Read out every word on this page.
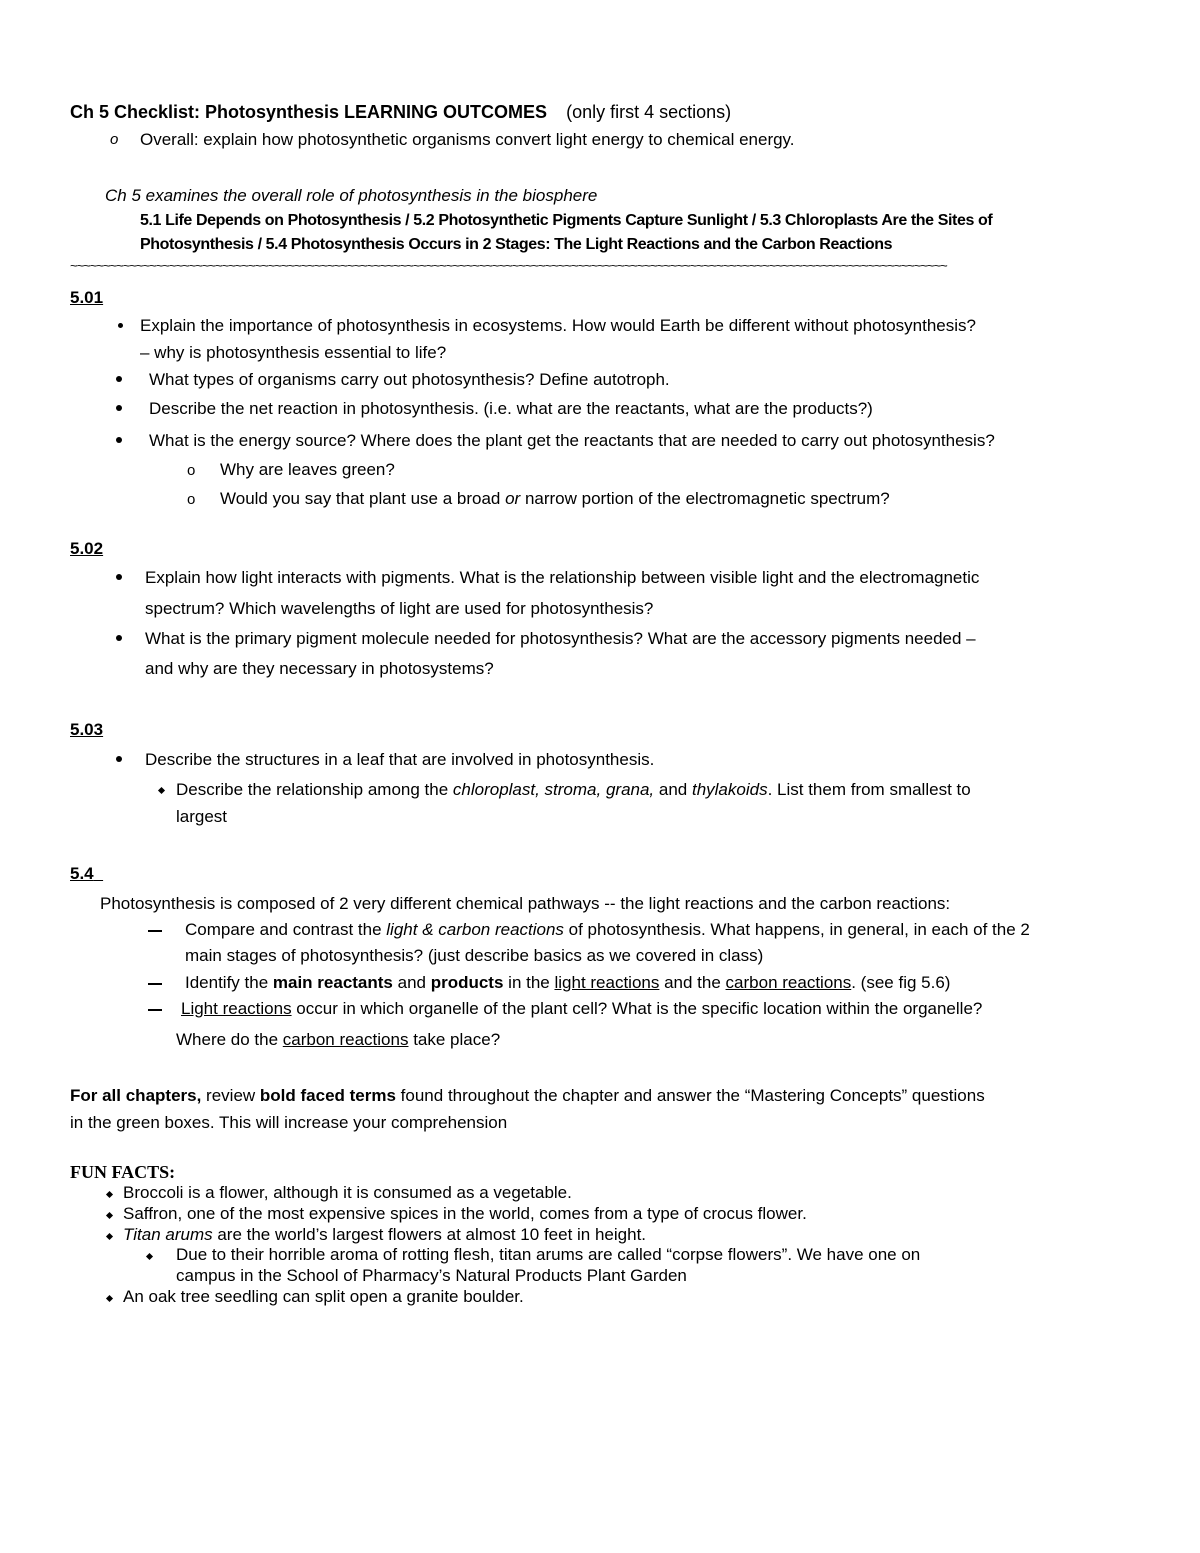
Ch 5 Checklist: Photosynthesis LEARNING OUTCOMES (only first 4 sections)
o Overall: explain how photosynthetic organisms convert light energy to chemical energy.
Ch 5 examines the overall role of photosynthesis in the biosphere
5.1 Life Depends on Photosynthesis / 5.2 Photosynthetic Pigments Capture Sunlight / 5.3 Chloroplasts Are the Sites of
Photosynthesis / 5.4 Photosynthesis Occurs in 2 Stages: The Light Reactions and the Carbon Reactions
~~~~~~~~~~~~~~~~~~~~~~~~~~~~~~~~~~~~~~~~~~~~~~~~~~~~~~~~~~~~~~~~~~~~~~~~~~~~~~~~~~~~~~~~~~~~~~~~~~~~~~~~~~~~~~~~~~~~~~~~~~~~~~~~~~~~~
5.01
Explain the importance of photosynthesis in ecosystems. How would Earth be different without photosynthesis?
– why is photosynthesis essential to life?
What types of organisms carry out photosynthesis? Define autotroph.
Describe the net reaction in photosynthesis. (i.e. what are the reactants, what are the products?)
What is the energy source? Where does the plant get the reactants that are needed to carry out photosynthesis?
o Why are leaves green?
o Would you say that plant use a broad or narrow portion of the electromagnetic spectrum?
5.02
Explain how light interacts with pigments. What is the relationship between visible light and the electromagnetic
spectrum? Which wavelengths of light are used for photosynthesis?
What is the primary pigment molecule needed for photosynthesis? What are the accessory pigments needed –
and why are they necessary in photosystems?
5.03
Describe the structures in a leaf that are involved in photosynthesis.
Describe the relationship among the chloroplast, stroma, grana, and thylakoids. List them from smallest to
largest
5.4
Photosynthesis is composed of 2 very different chemical pathways -- the light reactions and the carbon reactions:
Compare and contrast the light & carbon reactions of photosynthesis. What happens, in general, in each of the 2
main stages of photosynthesis? (just describe basics as we covered in class)
Identify the main reactants and products in the light reactions and the carbon reactions. (see fig 5.6)
Light reactions occur in which organelle of the plant cell? What is the specific location within the organelle?
Where do the carbon reactions take place?
For all chapters, review bold faced terms found throughout the chapter and answer the “Mastering Concepts” questions
in the green boxes. This will increase your comprehension
FUN FACTS:
Broccoli is a flower, although it is consumed as a vegetable.
Saffron, one of the most expensive spices in the world, comes from a type of crocus flower.
Titan arums are the world’s largest flowers at almost 10 feet in height.
Due to their horrible aroma of rotting flesh, titan arums are called “corpse flowers”. We have one on
campus in the School of Pharmacy’s Natural Products Plant Garden
An oak tree seedling can split open a granite boulder.
